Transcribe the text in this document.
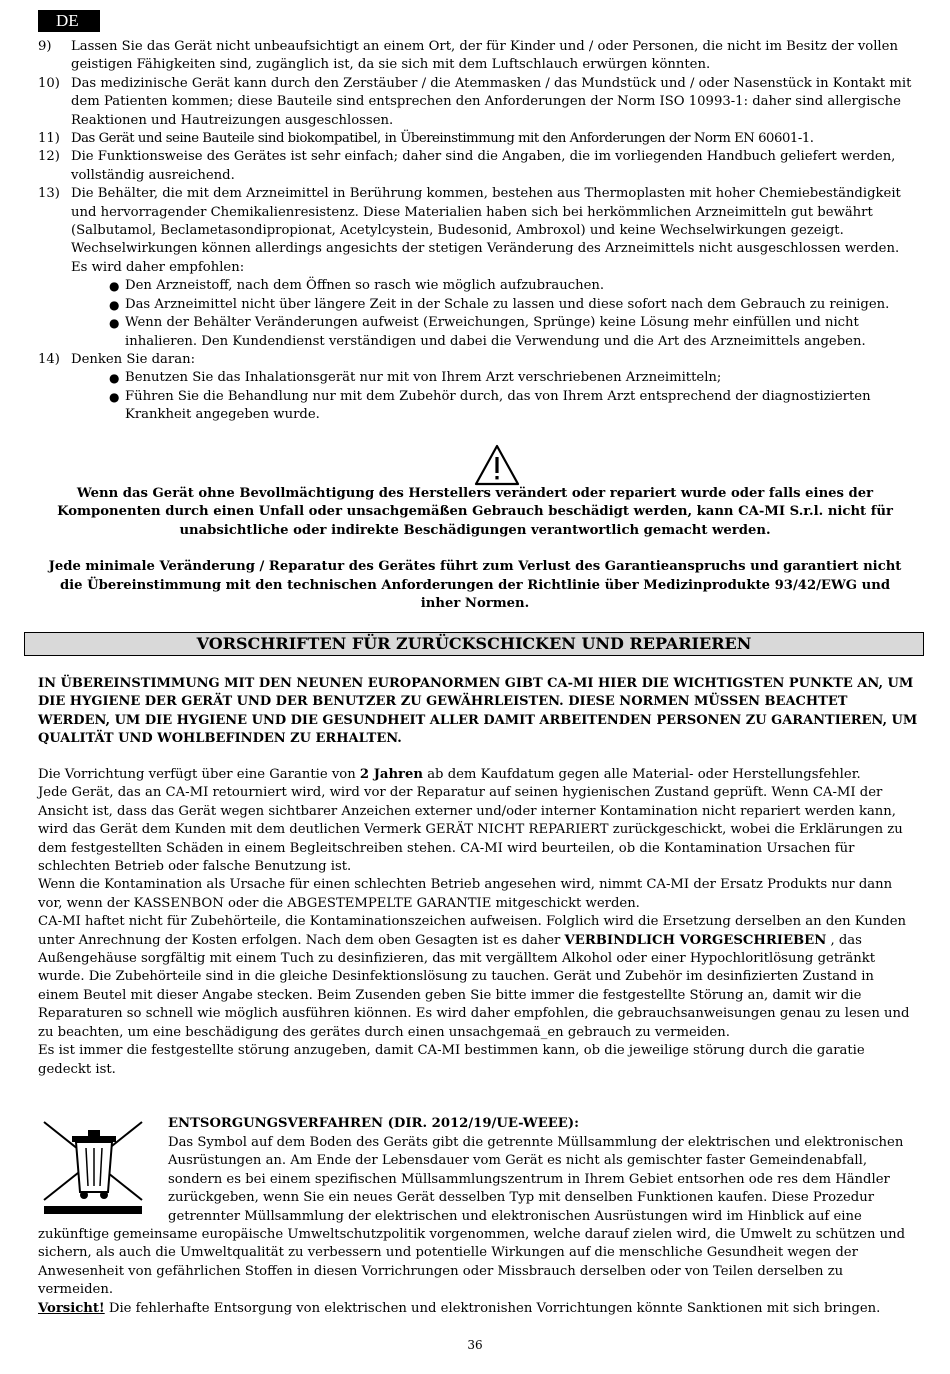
DE
9)	Lassen Sie das Gerät nicht unbeaufsichtigt an einem Ort, der für Kinder und / oder Personen, die nicht im Besitz der vollen geistigen Fähigkeiten sind, zugänglich ist, da sie sich mit dem Luftschlauch erwürgen könnten.
10) Das medizinische Gerät kann durch den Zerstäuber / die Atemmasken / das Mundstück und / oder Nasenstück in Kontakt mit dem Patienten kommen; diese Bauteile sind entsprechen den Anforderungen der Norm ISO 10993-1: daher sind allergische Reaktionen und Hautreizungen ausgeschlossen.
11) Das Gerät und seine Bauteile sind biokompatibel, in Übereinstimmung mit den Anforderungen der Norm EN 60601-1.
12) Die Funktionsweise des Gerätes ist sehr einfach; daher sind die Angaben, die im vorliegenden Handbuch geliefert werden, vollständig ausreichend.
13) Die Behälter, die mit dem Arzneimittel in Berührung kommen, bestehen aus Thermoplasten mit hoher Chemiebeständigkeit und hervorragender Chemikalienresistenz. Diese Materialien haben sich bei herkömmlichen Arzneimitteln gut bewährt (Salbutamol, Beclametasondipropionat, Acetylcystein, Budesonid, Ambroxol) und keine Wechselwirkungen gezeigt. Wechselwirkungen können allerdings angesichts der stetigen Veränderung des Arzneimittels nicht ausgeschlossen werden. Es wird daher empfohlen:
● Den Arzneistoff, nach dem Öffnen so rasch wie möglich aufzubrauchen.
● Das Arzneimittel nicht über längere Zeit in der Schale zu lassen und diese sofort nach dem Gebrauch zu reinigen.
● Wenn der Behälter Veränderungen aufweist (Erweichungen, Sprünge) keine Lösung mehr einfüllen und nicht inhalieren. Den Kundendienst verständigen und dabei die Verwendung und die Art des Arzneimittels angeben.
14) Denken Sie daran:
● Benutzen Sie das Inhalationsgerät nur mit von Ihrem Arzt verschriebenen Arzneimitteln;
● Führen Sie die Behandlung nur mit dem Zubehör durch, das von Ihrem Arzt entsprechend der diagnostizierten Krankheit angegeben wurde.

Wenn das Gerät ohne Bevollmächtigung des Herstellers verändert oder repariert wurde oder falls eines der Komponenten durch einen Unfall oder unsachgemäßen Gebrauch beschädigt werden, kann CA-MI S.r.l. nicht für unabsichtliche oder indirekte Beschädigungen verantwortlich gemacht werden.

Jede minimale Veränderung / Reparatur des Gerätes führt zum Verlust des Garantieanspruchs und garantiert nicht die Übereinstimmung mit den technischen Anforderungen der Richtlinie über Medizinprodukte 93/42/EWG und inher Normen.

VORSCHRIFTEN FÜR ZURÜCKSCHICKEN UND REPARIEREN
IN ÜBEREINSTIMMUNG MIT DEN NEUNEN EUROPANORMEN GIBT CA-MI HIER DIE WICHTIGSTEN PUNKTE AN, UM DIE HYGIENE DER GERÄT UND DER BENUTZER ZU GEWÄHRLEISTEN. DIESE NORMEN MÜSSEN BEACHTET WERDEN, UM DIE HYGIENE UND DIE GESUNDHEIT ALLER DAMIT ARBEITENDEN PERSONEN ZU GARANTIEREN, UM QUALITÄT UND WOHLBEFINDEN ZU ERHALTEN.

Die Vorrichtung verfügt über eine Garantie von 2 Jahren ab dem Kaufdatum gegen alle Material- oder Herstellungsfehler.

Jede Gerät, das an CA-MI retourniert wird, wird vor der Reparatur auf seinen hygienischen Zustand geprüft. Wenn CA-MI der Ansicht ist, dass das Gerät wegen sichtbarer Anzeichen externer und/oder interner Kontamination nicht repariert werden kann, wird das Gerät dem Kunden mit dem deutlichen Vermerk GERÄT NICHT REPARIERT zurückgeschickt, wobei die Erklärungen zu dem festgestellten Schäden in einem Begleitschreiben stehen. CA-MI wird beurteilen, ob die Kontamination Ursachen für schlechten Betrieb oder falsche Benutzung ist.

Wenn die Kontamination als Ursache für einen schlechten Betrieb angesehen wird, nimmt CA-MI der Ersatz Produkts nur dann vor, wenn der KASSENBON oder die ABGESTEMPELTE GARANTIE mitgeschickt werden.

CA-MI haftet nicht für Zubehörteile, die Kontaminationszeichen aufweisen. Folglich wird die Ersetzung derselben an den Kunden unter Anrechnung der Kosten erfolgen. Nach dem oben Gesagten ist es daher VERBINDLICH VORGESCHRIEBEN , das Außengehäuse sorgfältig mit einem Tuch zu desinfizieren, das mit vergälltem Alkohol oder einer Hypochloritlösung getränkt wurde. Die Zubehörteile sind in die gleiche Desinfektionslösung zu tauchen. Gerät und Zubehör im desinfizierten Zustand in einem Beutel mit dieser Angabe stecken. Beim Zusenden geben Sie bitte immer die festgestellte Störung an, damit wir die Reparaturen so schnell wie möglich ausführen kiönnen. Es wird daher empfohlen, die gebrauchsanweisungen genau zu lesen und zu beachten, um eine beschädigung des gerätes durch einen unsachgemaä_en gebrauch zu vermeiden.

Es ist immer die festgestellte störung anzugeben, damit CA-MI bestimmen kann, ob die jeweilige störung durch die garatie gedeckt ist.

ENTSORGUNGSVERFAHREN (DIR. 2012/19/UE-WEEE):
Das Symbol auf dem Boden des Geräts gibt die getrennte Müllsammlung der elektrischen und elektronischen
Ausrüstungen an. Am Ende der Lebensdauer vom Gerät es nicht als gemischter faster Gemeindenabfall,
sondern es bei einem spezifischen Müllsammlungszentrum in Ihrem Gebiet entsorhen ode res dem Händler
zurückgeben, wenn Sie ein neues Gerät desselben Typ mit denselben Funktionen kaufen. Diese Prozedur
getrennter Müllsammlung der elektrischen und elektronischen Ausrüstungen wird im Hinblick auf eine
zukünftige gemeinsame europäische Umweltschutzpolitik vorgenommen, welche darauf zielen wird, die Umwelt zu schützen und sichern, als auch die Umweltqualität zu verbessern und potentielle Wirkungen auf die menschliche Gesundheit wegen der Anwesenheit von gefährlichen Stoffen in diesen Vorrichrungen oder Missbrauch derselben oder von Teilen derselben zu vermeiden.
Vorsicht! Die fehlerhafte Entsorgung von elektrischen und elektronishen Vorrichtungen könnte Sanktionen mit sich bringen.
36
